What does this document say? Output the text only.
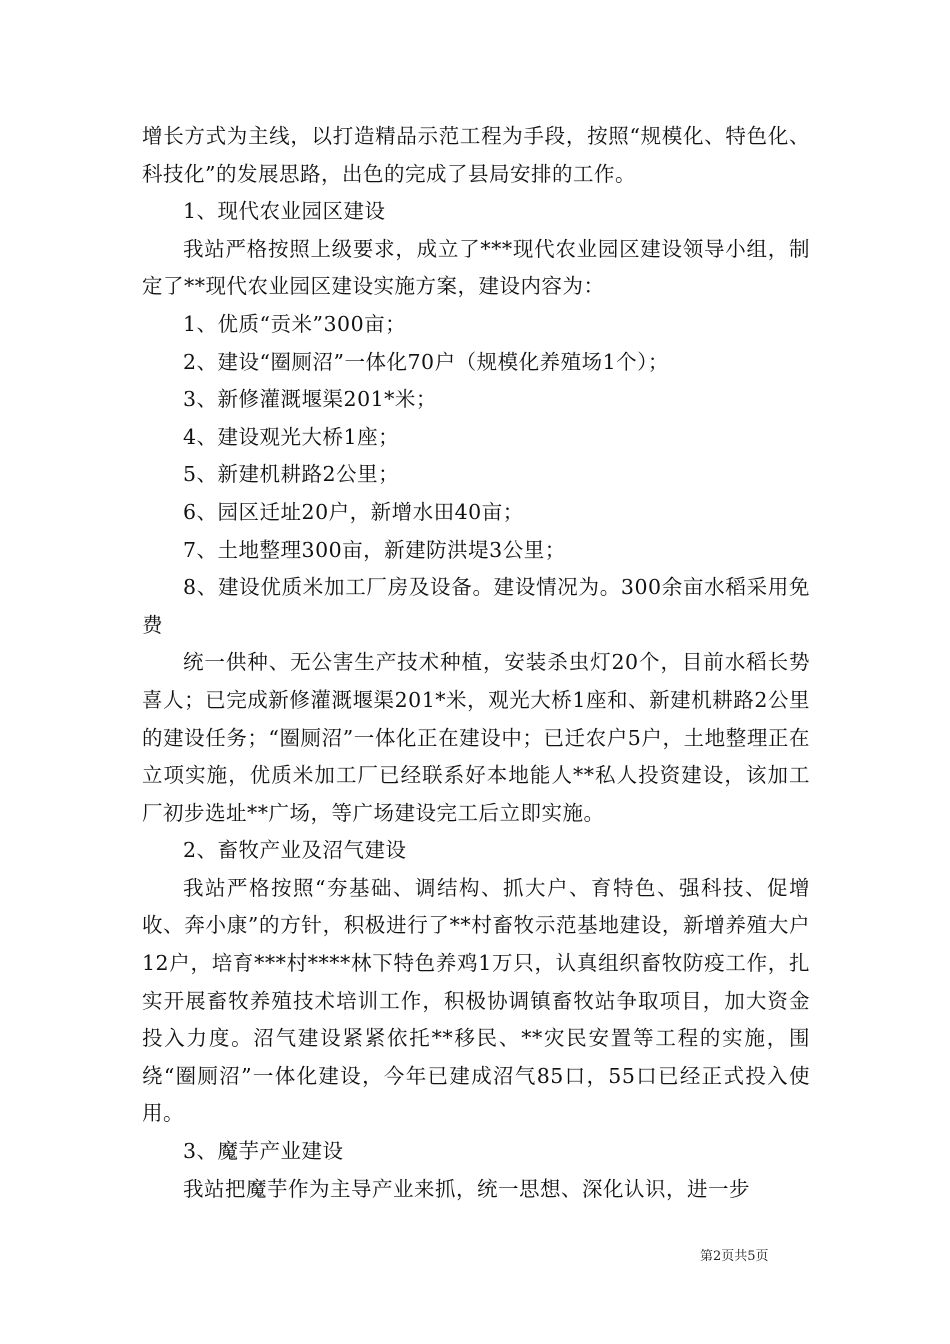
增长方式为主线，以打造精品示范工程为手段，按照“规模化、特色化、科技化”的发展思路，出色的完成了县局安排的工作。

1、现代农业园区建设

我站严格按照上级要求，成立了***现代农业园区建设领导小组，制定了**现代农业园区建设实施方案，建设内容为：

1、优质“贡米”300亩；

2、建设“圈厕沼”一体化70户（规模化养殖场1个）；

3、新修灌溉堰渠201*米；

4、建设观光大桥1座；

5、新建机耕路2公里；

6、园区迁址20户，新增水田40亩；

7、土地整理300亩，新建防洪堤3公里；

8、建设优质米加工厂房及设备。建设情况为。300余亩水稻采用免费

统一供种、无公害生产技术种植，安装杀虫灯20个，目前水稻长势喜人；已完成新修灌溉堰渠201*米，观光大桥1座和、新建机耕路2公里的建设任务；“圈厕沼”一体化正在建设中；已迁农户5户，土地整理正在立项实施，优质米加工厂已经联系好本地能人**私人投资建设，该加工厂初步选址**广场，等广场建设完工后立即实施。

2、畜牧产业及沼气建设

我站严格按照“夯基础、调结构、抓大户、育特色、强科技、促增收、奔小康”的方针，积极进行了**村畜牧示范基地建设，新增养殖大户12户，培育***村****林下特色养鸡1万只，认真组织畜牧防疫工作，扎实开展畜牧养殖技术培训工作，积极协调镇畜牧站争取项目，加大资金投入力度。沼气建设紧紧依托**移民、**灾民安置等工程的实施，围绕“圈厕沼”一体化建设，今年已建成沼气85口，55口已经正式投入使用。

3、魔芋产业建设

我站把魔芋作为主导产业来抓，统一思想、深化认识，进一步

第2页共5页
